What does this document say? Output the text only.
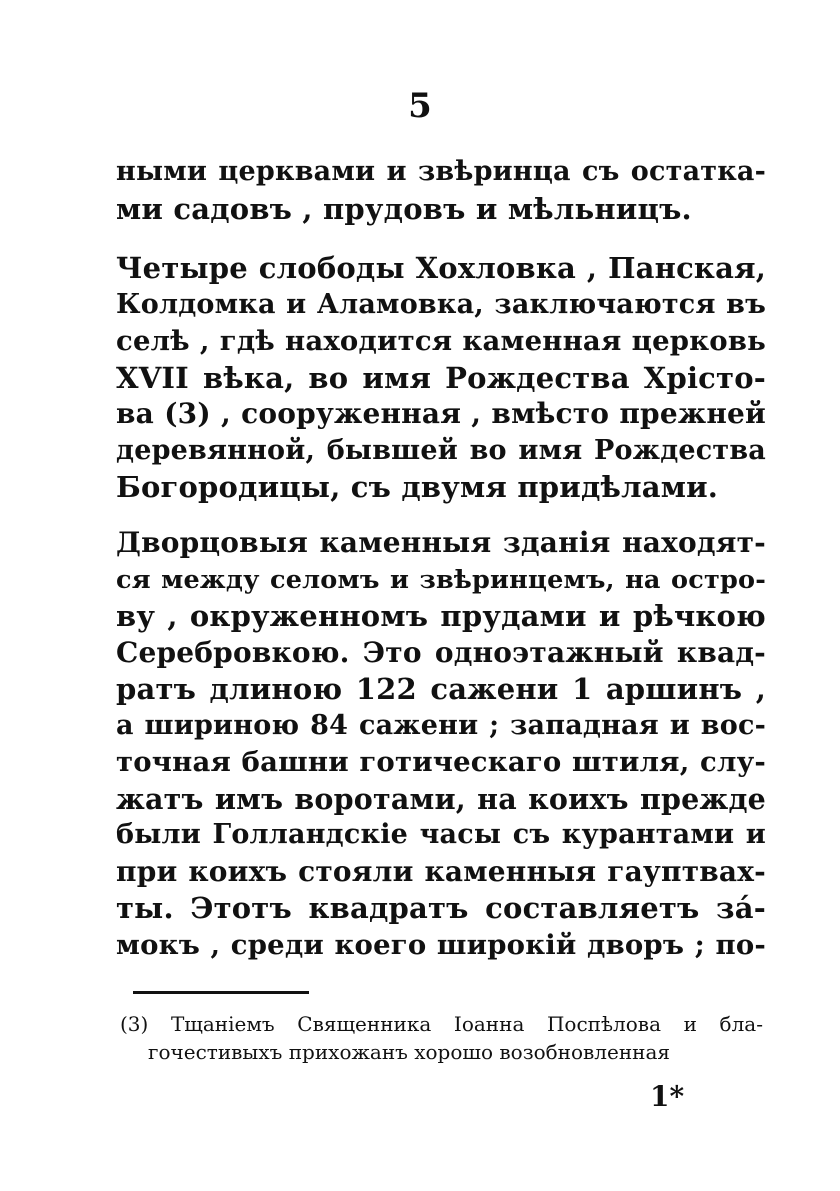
5
ными церквами и звѣринца съ остатка-
ми садовъ , прудовъ и мѣльницъ.
Четыре слободы Хохловка , Панская,
Колдомка и Аламовка, заключаются въ
селѣ , гдѣ находится каменная церковь
XVII вѣка, во имя Рождества Хрісто-
ва (3) , сооруженная , вмѣсто прежней
деревянной, бывшей во имя Рождества
Богородицы, съ двумя придѣлами.
Дворцовыя каменныя зданія находят-
ся между селомъ и звѣринцемъ, на остро-
ву , окруженномъ прудами и рѣчкою
Серебровкою. Это одноэтажный квад-
ратъ длиною 122 сажени 1 аршинъ ,
а шириною 84 сажени ; западная и вос-
точная башни готическаго штиля, слу-
жатъ имъ воротами, на коихъ прежде
были Голландскіе часы съ курантами и
при коихъ стояли каменныя гауптвах-
ты. Этотъ квадратъ составляетъ за́-
мокъ , среди коего широкій дворъ ; по-
(3) Тщаніемъ Священника Іоанна Поспѣлова и бла-
гочестивыхъ прихожанъ хорошо возобновленная
1*
